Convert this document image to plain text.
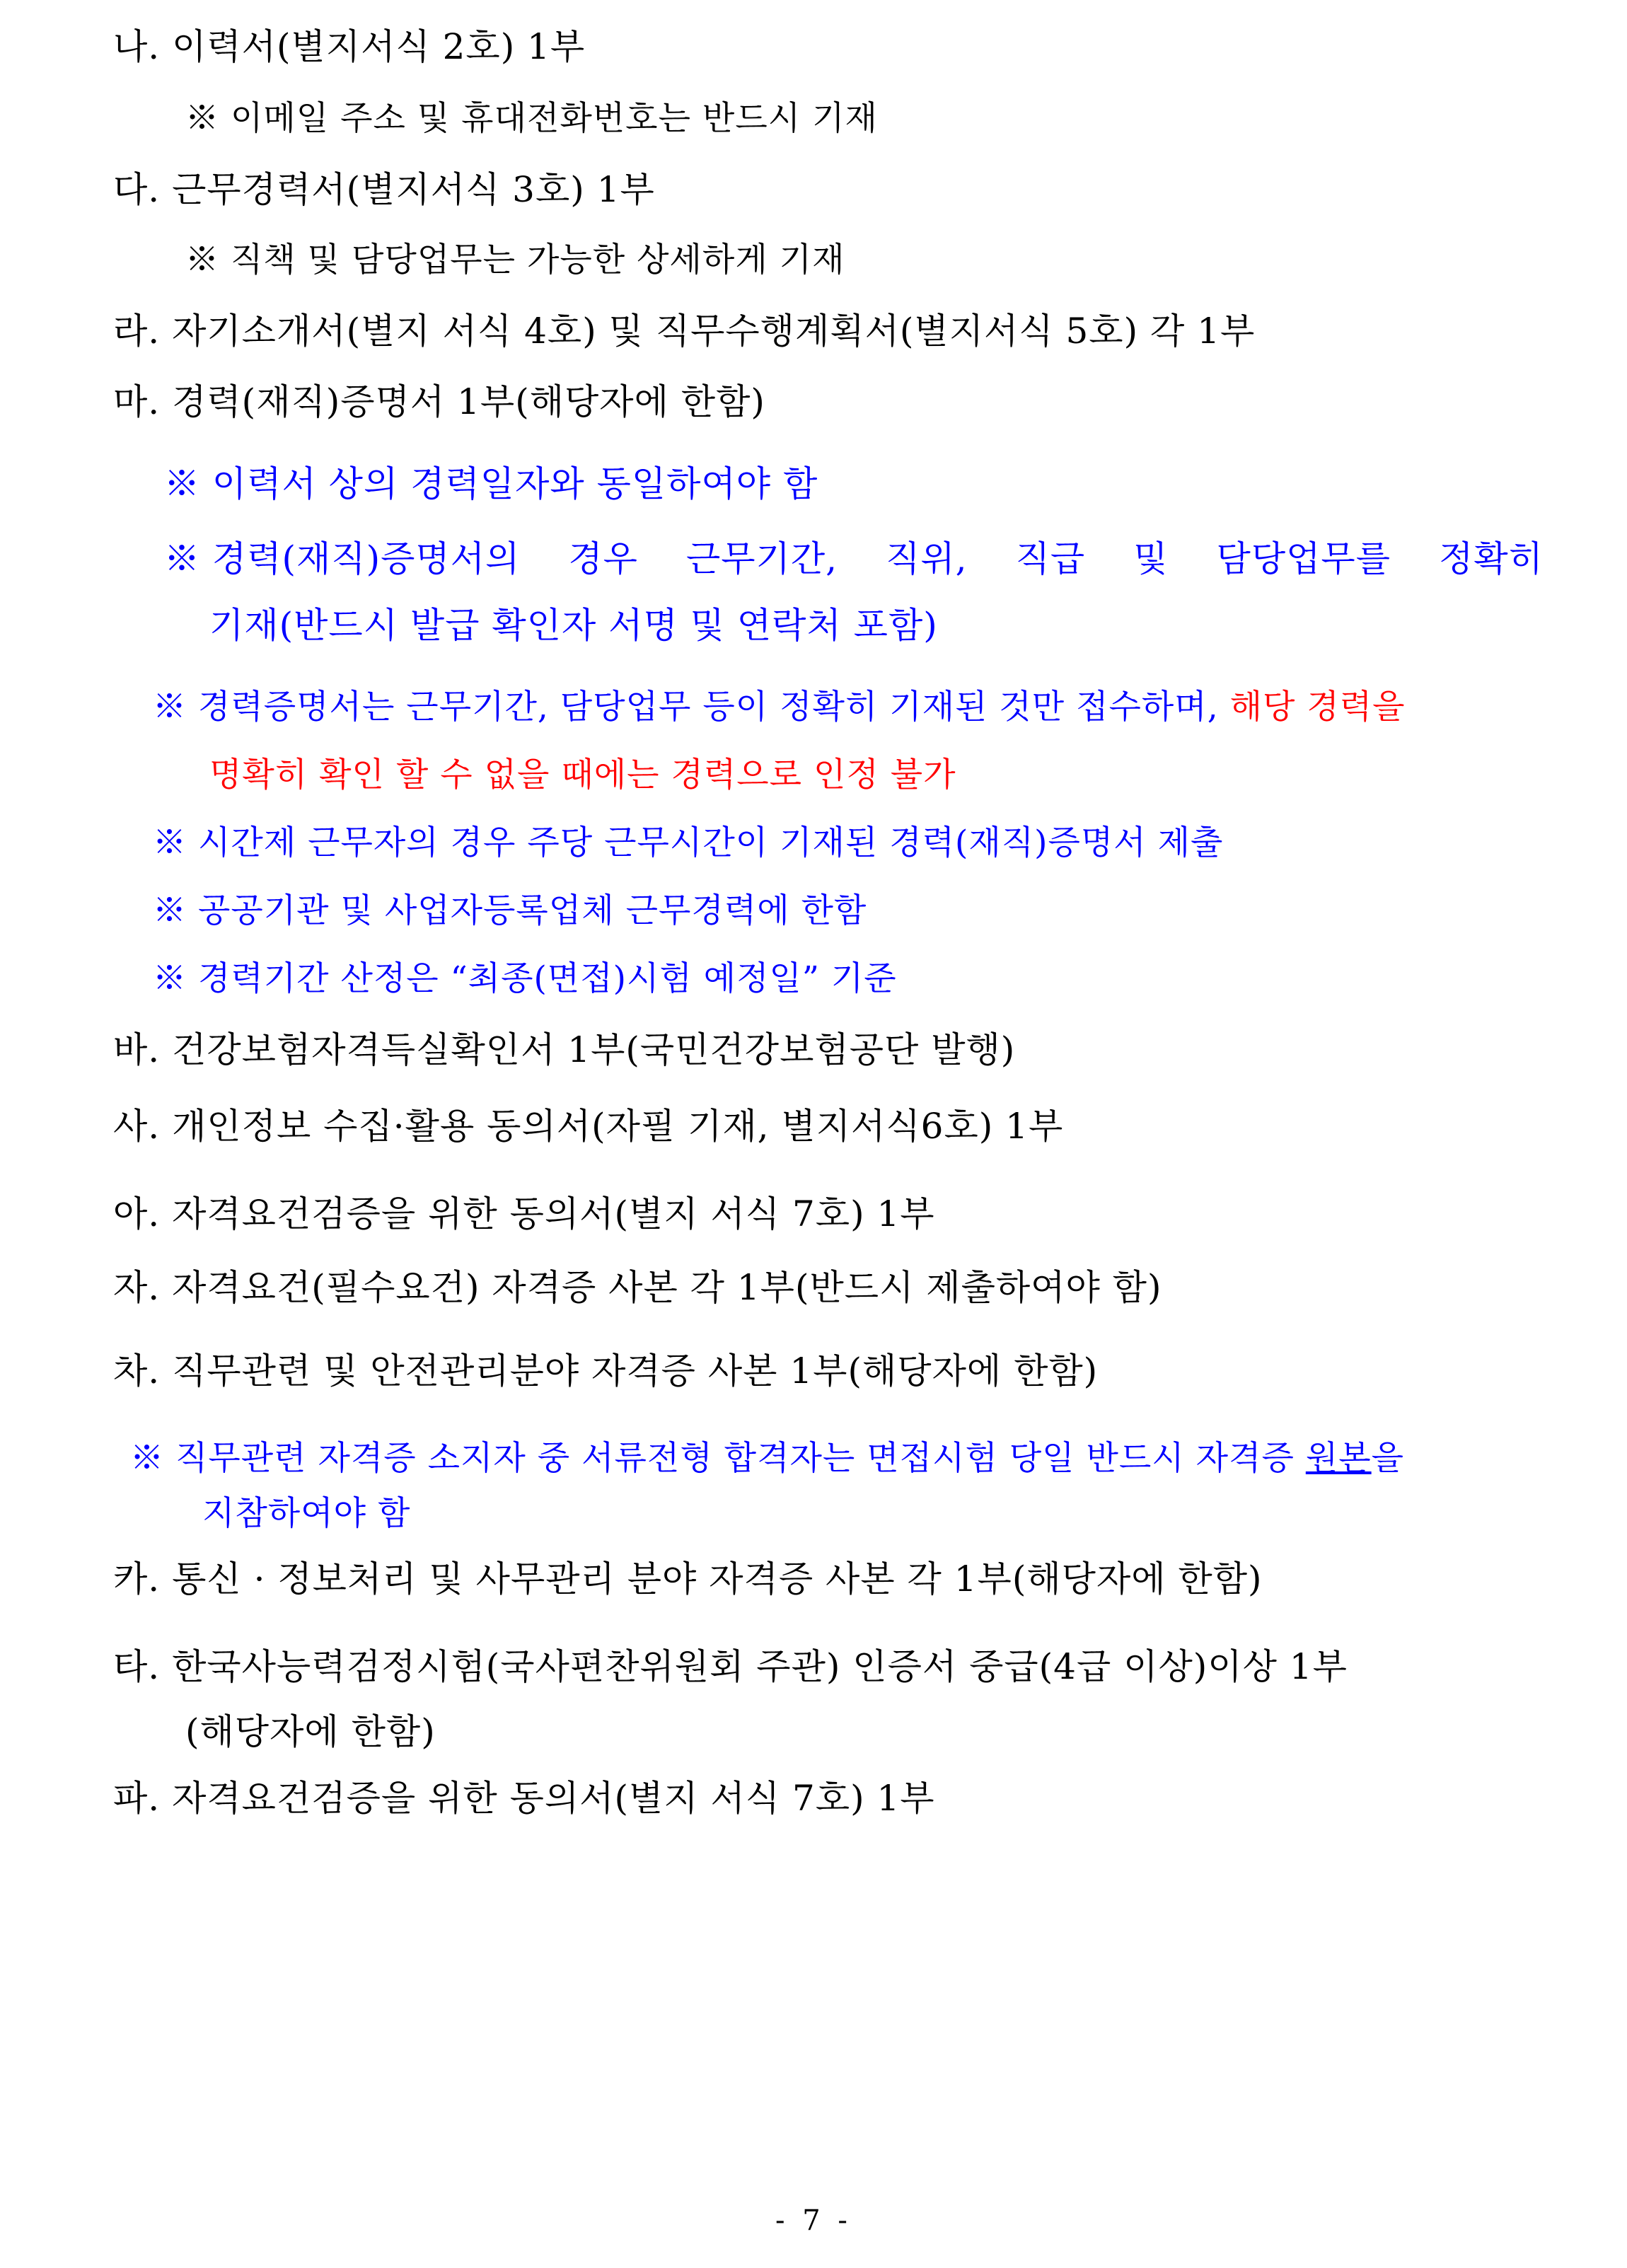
나. 이력서(별지서식 2호) 1부

※ 이메일 주소 및 휴대전화번호는 반드시 기재

다. 근무경력서(별지서식 3호) 1부

※ 직책 및 담당업무는 가능한 상세하게 기재

라. 자기소개서(별지 서식 4호) 및 직무수행계획서(별지서식 5호) 각 1부

마. 경력(재직)증명서 1부(해당자에 한함)

※ 이력서 상의 경력일자와 동일하여야 함

※ 경력(재직)증명서의 경우 근무기간, 직위, 직급 및 담당업무를 정확히

기재(반드시 발급 확인자 서명 및 연락처 포함)

※ 경력증명서는 근무기간, 담당업무 등이 정확히 기재된 것만 접수하며, 해당 경력을

명확히 확인 할 수 없을 때에는 경력으로 인정 불가

※ 시간제 근무자의 경우 주당 근무시간이 기재된 경력(재직)증명서 제출

※ 공공기관 및 사업자등록업체 근무경력에 한함

※ 경력기간 산정은 “최종(면접)시험 예정일” 기준

바. 건강보험자격득실확인서 1부(국민건강보험공단 발행)

사. 개인정보 수집·활용 동의서(자필 기재, 별지서식6호) 1부

아. 자격요건검증을 위한 동의서(별지 서식 7호) 1부

자. 자격요건(필수요건) 자격증 사본 각 1부(반드시 제출하여야 함)

차. 직무관련 및 안전관리분야 자격증 사본 1부(해당자에 한함)

※ 직무관련 자격증 소지자 중 서류전형 합격자는 면접시험 당일 반드시 자격증 원본을

지참하여야 함

카. 통신 · 정보처리 및 사무관리 분야 자격증 사본 각 1부(해당자에 한함)

타. 한국사능력검정시험(국사편찬위원회 주관) 인증서 중급(4급 이상)이상 1부

(해당자에 한함)

파. 자격요건검증을 위한 동의서(별지 서식 7호) 1부

- 7 -
